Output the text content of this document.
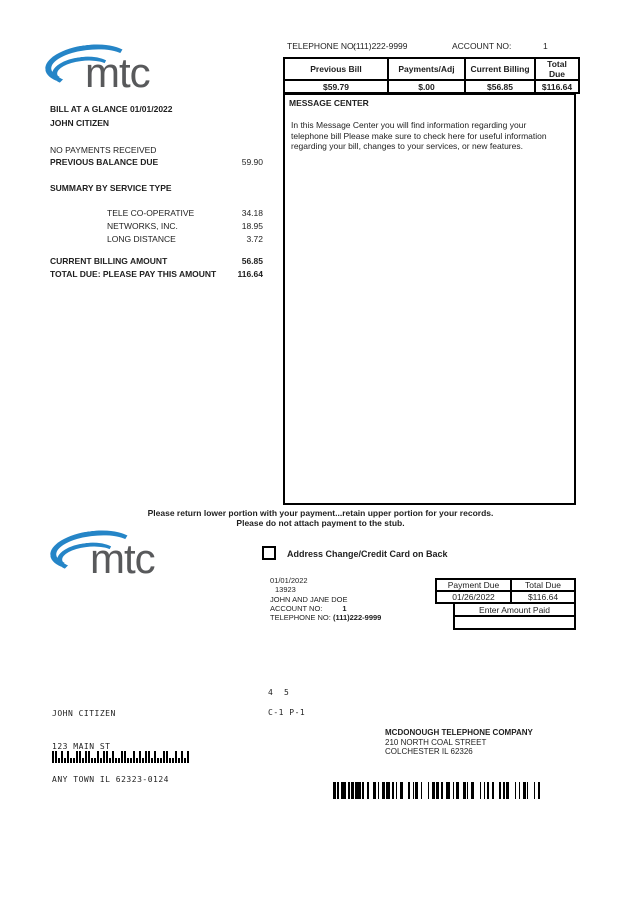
mtc
TELEPHONE NO:
(111)222-9999	ACCOUNT NO:	1
Previous Bill	Payments/Adj	Current Billing	Total Due
$59.79	$.00	$56.85	$116.64
BILL AT A GLANCE 01/01/2022
JOHN CITIZEN
NO PAYMENTS RECEIVED
PREVIOUS BALANCE DUE	59.90
SUMMARY BY SERVICE TYPE
TELE CO-OPERATIVE	34.18
NETWORKS, INC.	18.95
LONG DISTANCE	3.72
CURRENT BILLING AMOUNT	56.85
TOTAL DUE: PLEASE PAY THIS AMOUNT 116.64
MESSAGE CENTER
In this Message Center you will find information regarding your telephone bill Please make sure to check here for useful information regarding your bill, changes to your services, or new features.
Please return lower portion with your payment...retain upper portion for your records.
Please do not attach payment to the stub.
mtc	Address Change/Credit Card on Back
01/01/2022
13923
JOHN AND JANE DOE
ACCOUNT NO:	1
TELEPHONE NO: (111)222-9999
Payment Due	Total Due
01/26/2022	$116.64
Enter Amount Paid

JOHN CITIZEN

123 MAIN ST

ANY TOWN IL 62323-0124

4  5
C-1 P-1
MCDONOUGH TELEPHONE COMPANY
210 NORTH COAL STREET
COLCHESTER IL 62326
